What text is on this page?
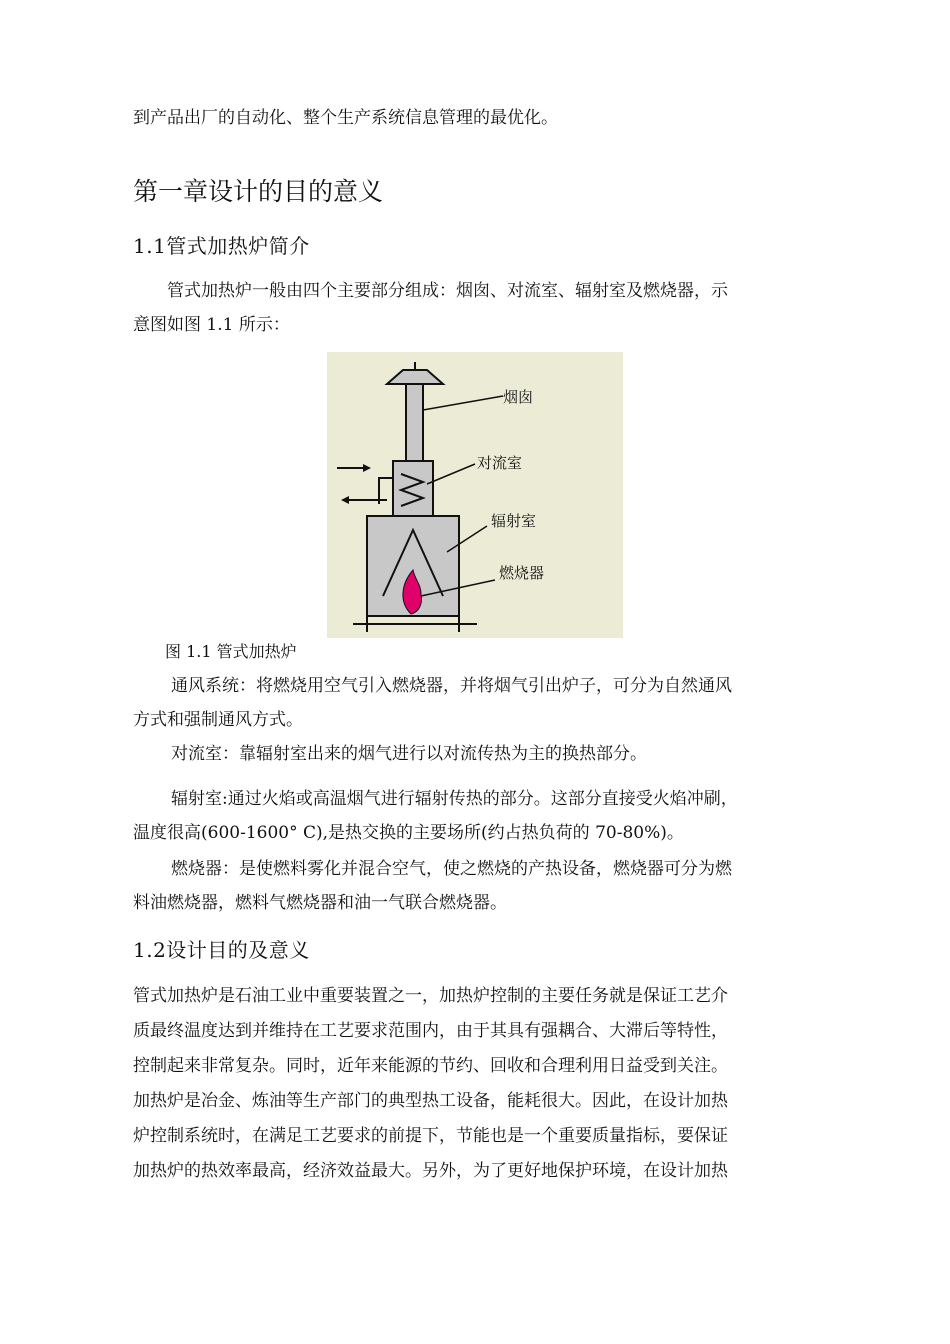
到产品出厂的自动化、整个生产系统信息管理的最优化。

第一章设计的目的意义
1.1管式加热炉简介

管式加热炉一般由四个主要部分组成：烟囱、对流室、辐射室及燃烧器，示
意图如图 1.1 所示：

烟囱
对流室
辐射室
燃烧器

图 1.1 管式加热炉

通风系统：将燃烧用空气引入燃烧器，并将烟气引出炉子，可分为自然通风
方式和强制通风方式。

对流室：靠辐射室出来的烟气进行以对流传热为主的换热部分。

辐射室:通过火焰或高温烟气进行辐射传热的部分。这部分直接受火焰冲刷，
温度很高(600-1600° C),是热交换的主要场所(约占热负荷的 70-80%)。

燃烧器：是使燃料雾化并混合空气，使之燃烧的产热设备，燃烧器可分为燃
料油燃烧器，燃料气燃烧器和油一气联合燃烧器。

1.2设计目的及意义

管式加热炉是石油工业中重要装置之一，加热炉控制的主要任务就是保证工艺介
质最终温度达到并维持在工艺要求范围内，由于其具有强耦合、大滞后等特性，
控制起来非常复杂。同时，近年来能源的节约、回收和合理利用日益受到关注。
加热炉是冶金、炼油等生产部门的典型热工设备，能耗很大。因此，在设计加热
炉控制系统时，在满足工艺要求的前提下，节能也是一个重要质量指标，要保证
加热炉的热效率最高，经济效益最大。另外，为了更好地保护环境，在设计加热
